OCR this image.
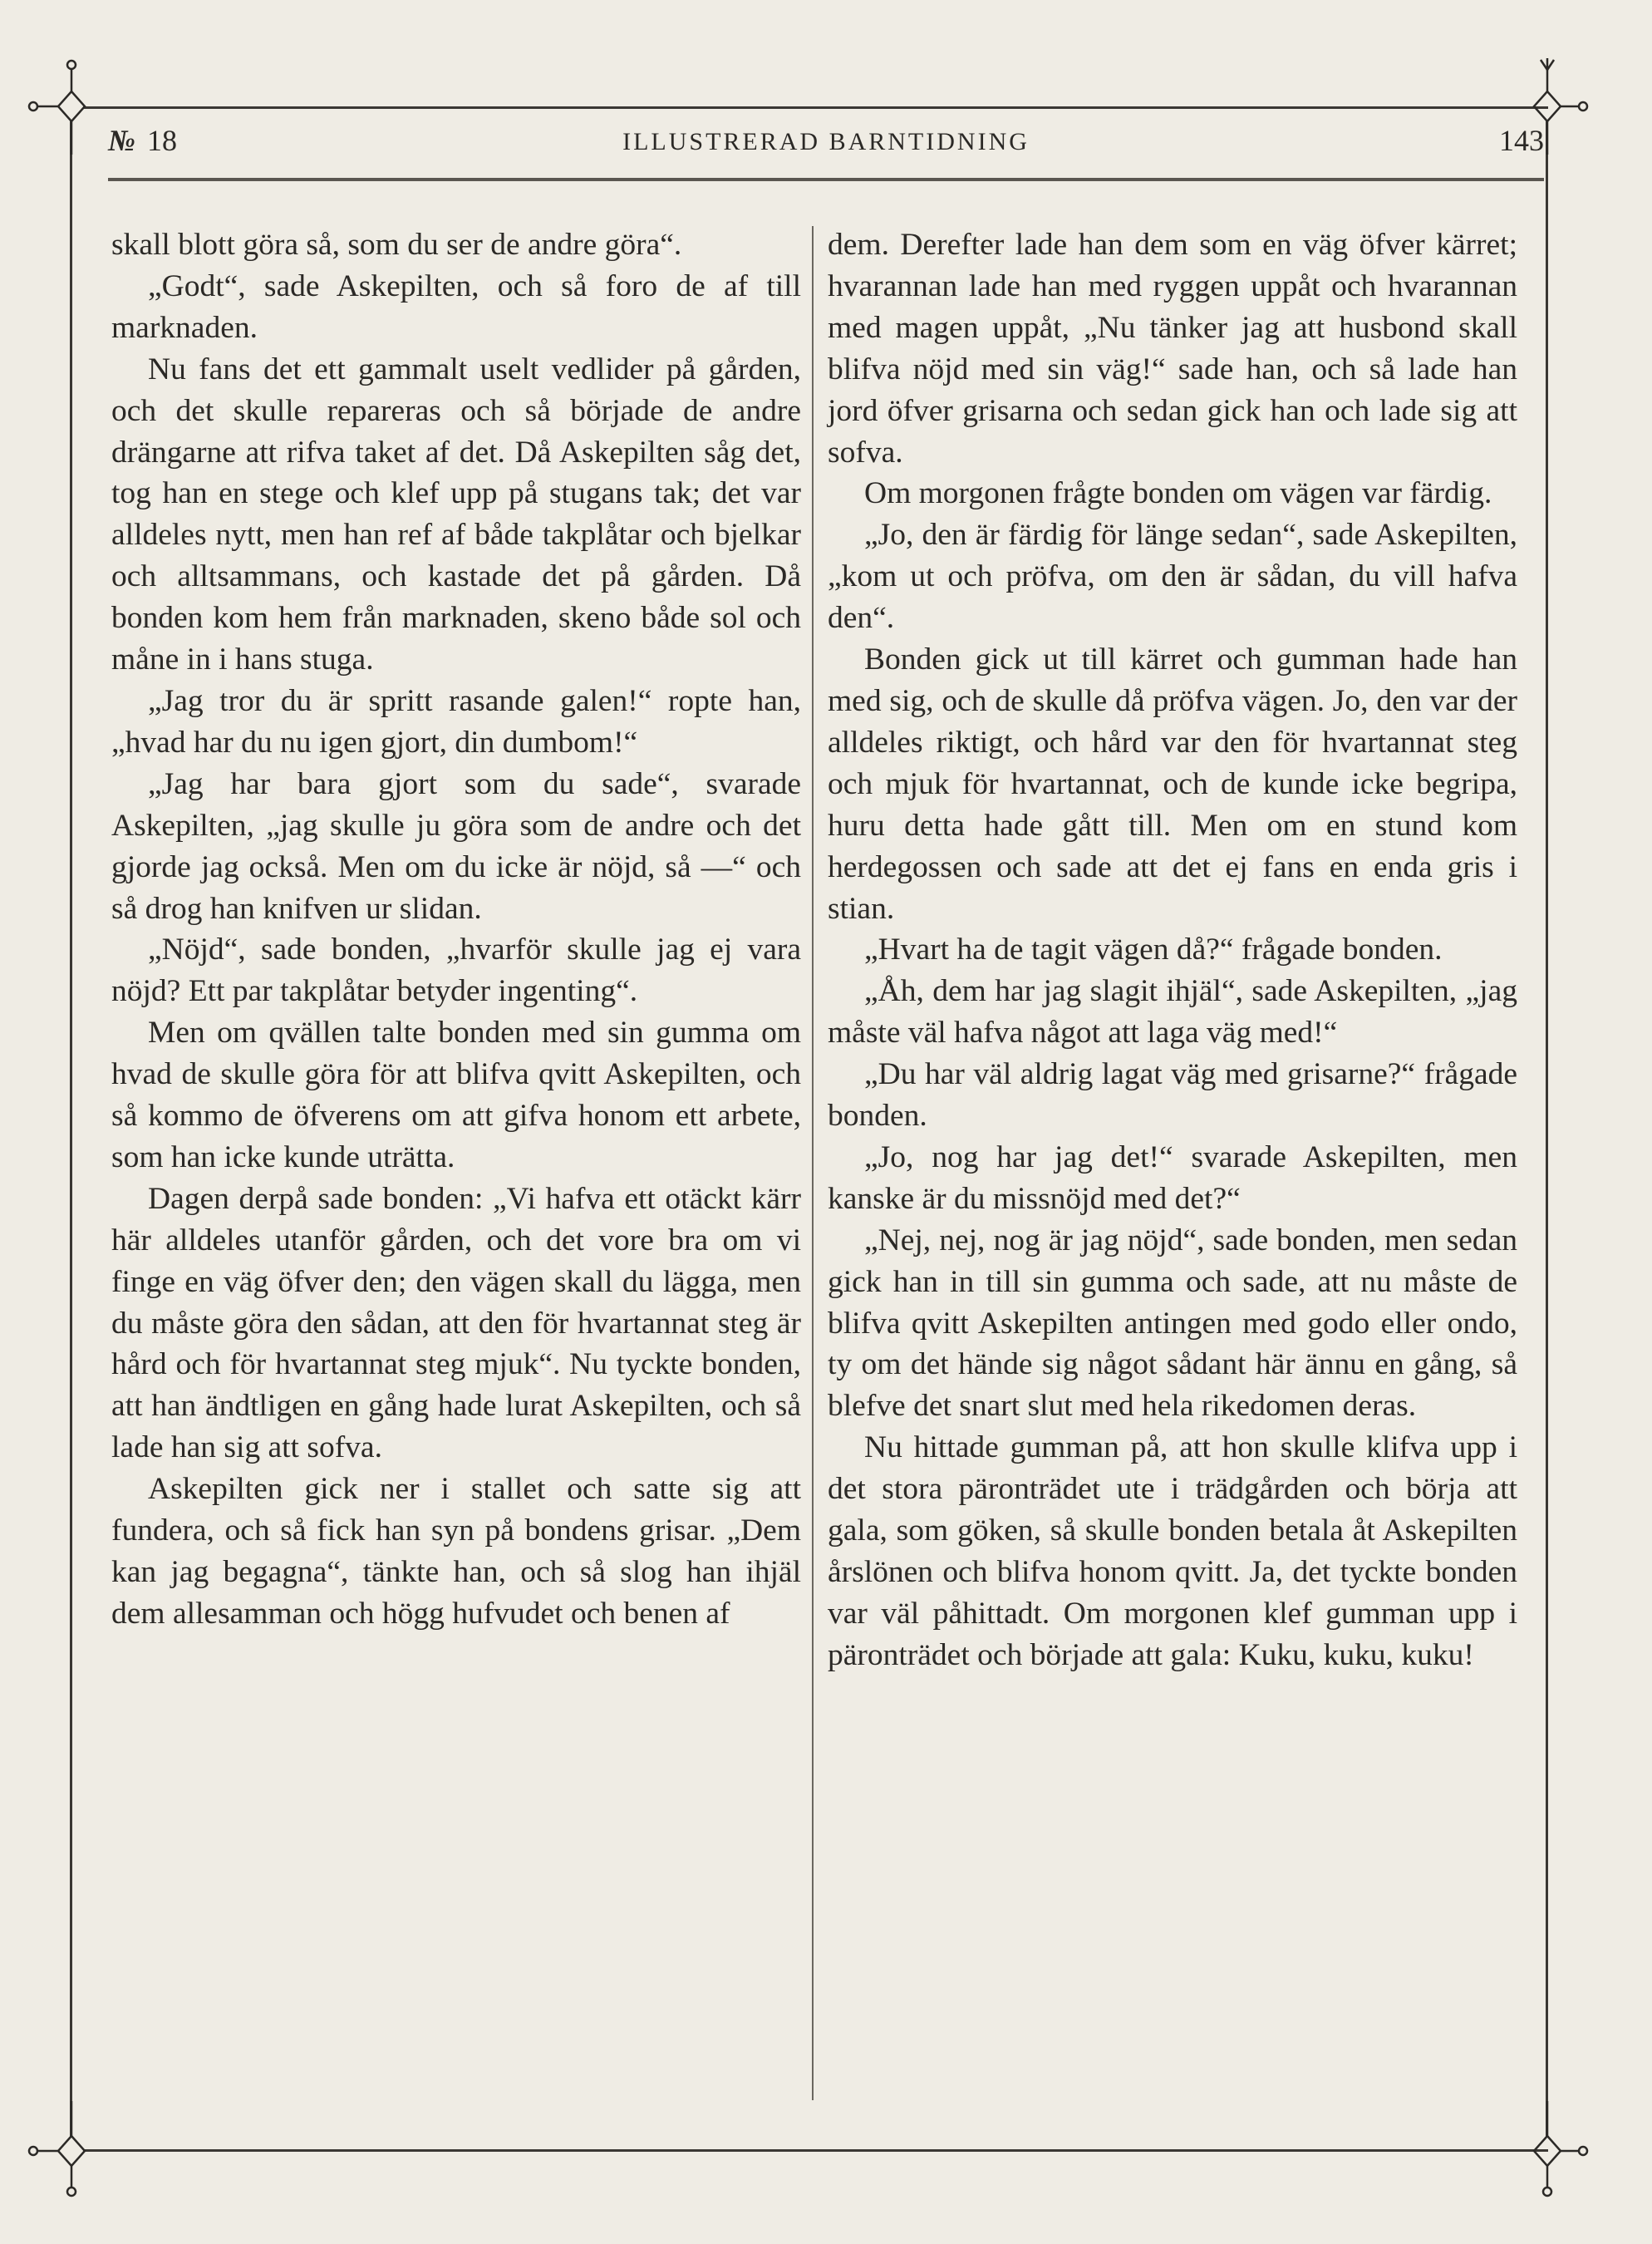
№ 18	ILLUSTRERAD BARNTIDNING	143

skall blott göra så, som du ser de andre göra“.

„Godt“, sade Askepilten, och så foro de af till marknaden.

Nu fans det ett gammalt uselt vedlider på gården, och det skulle repareras och så började de andre drängarne att rifva taket af det. Då Askepilten såg det, tog han en stege och klef upp på stugans tak; det var alldeles nytt, men han ref af både takplåtar och bjelkar och alltsammans, och kastade det på gården. Då bonden kom hem från marknaden, skeno både sol och måne in i hans stuga.

„Jag tror du är spritt rasande galen!“ ropte han, „hvad har du nu igen gjort, din dumbom!“

„Jag har bara gjort som du sade“, svarade Askepilten, „jag skulle ju göra som de andre och det gjorde jag också. Men om du icke är nöjd, så —“ och så drog han knifven ur slidan.

„Nöjd“, sade bonden, „hvarför skulle jag ej vara nöjd? Ett par takplåtar betyder ingenting“.

Men om qvällen talte bonden med sin gumma om hvad de skulle göra för att blifva qvitt Askepilten, och så kommo de öfverens om att gifva honom ett arbete, som han icke kunde uträtta.

Dagen derpå sade bonden: „Vi hafva ett otäckt kärr här alldeles utanför gården, och det vore bra om vi finge en väg öfver den; den vägen skall du lägga, men du måste göra den sådan, att den för hvartannat steg är hård och för hvartannat steg mjuk“. Nu tyckte bonden, att han ändtligen en gång hade lurat Askepilten, och så lade han sig att sofva.

Askepilten gick ner i stallet och satte sig att fundera, och så fick han syn på bondens grisar. „Dem kan jag begagna“, tänkte han, och så slog han ihjäl dem allesamman och högg hufvudet och benen af

dem. Derefter lade han dem som en väg öfver kärret; hvarannan lade han med ryggen uppåt och hvarannan med magen uppåt, „Nu tänker jag att husbond skall blifva nöjd med sin väg!“ sade han, och så lade han jord öfver grisarna och sedan gick han och lade sig att sofva.

Om morgonen frågte bonden om vägen var färdig.

„Jo, den är färdig för länge sedan“, sade Askepilten, „kom ut och pröfva, om den är sådan, du vill hafva den“.

Bonden gick ut till kärret och gumman hade han med sig, och de skulle då pröfva vägen. Jo, den var der alldeles riktigt, och hård var den för hvartannat steg och mjuk för hvartannat, och de kunde icke begripa, huru detta hade gått till. Men om en stund kom herdegossen och sade att det ej fans en enda gris i stian.

„Hvart ha de tagit vägen då?“ frågade bonden.

„Åh, dem har jag slagit ihjäl“, sade Askepilten, „jag måste väl hafva något att laga väg med!“

„Du har väl aldrig lagat väg med grisarne?“ frågade bonden.

„Jo, nog har jag det!“ svarade Askepilten, men kanske är du missnöjd med det?“

„Nej, nej, nog är jag nöjd“, sade bonden, men sedan gick han in till sin gumma och sade, att nu måste de blifva qvitt Askepilten antingen med godo eller ondo, ty om det hände sig något sådant här ännu en gång, så blefve det snart slut med hela rikedomen deras.

Nu hittade gumman på, att hon skulle klifva upp i det stora päronträdet ute i trädgården och börja att gala, som göken, så skulle bonden betala åt Askepilten årslönen och blifva honom qvitt. Ja, det tyckte bonden var väl påhittadt. Om morgonen klef gumman upp i päronträdet och började att gala: Kuku, kuku, kuku!
